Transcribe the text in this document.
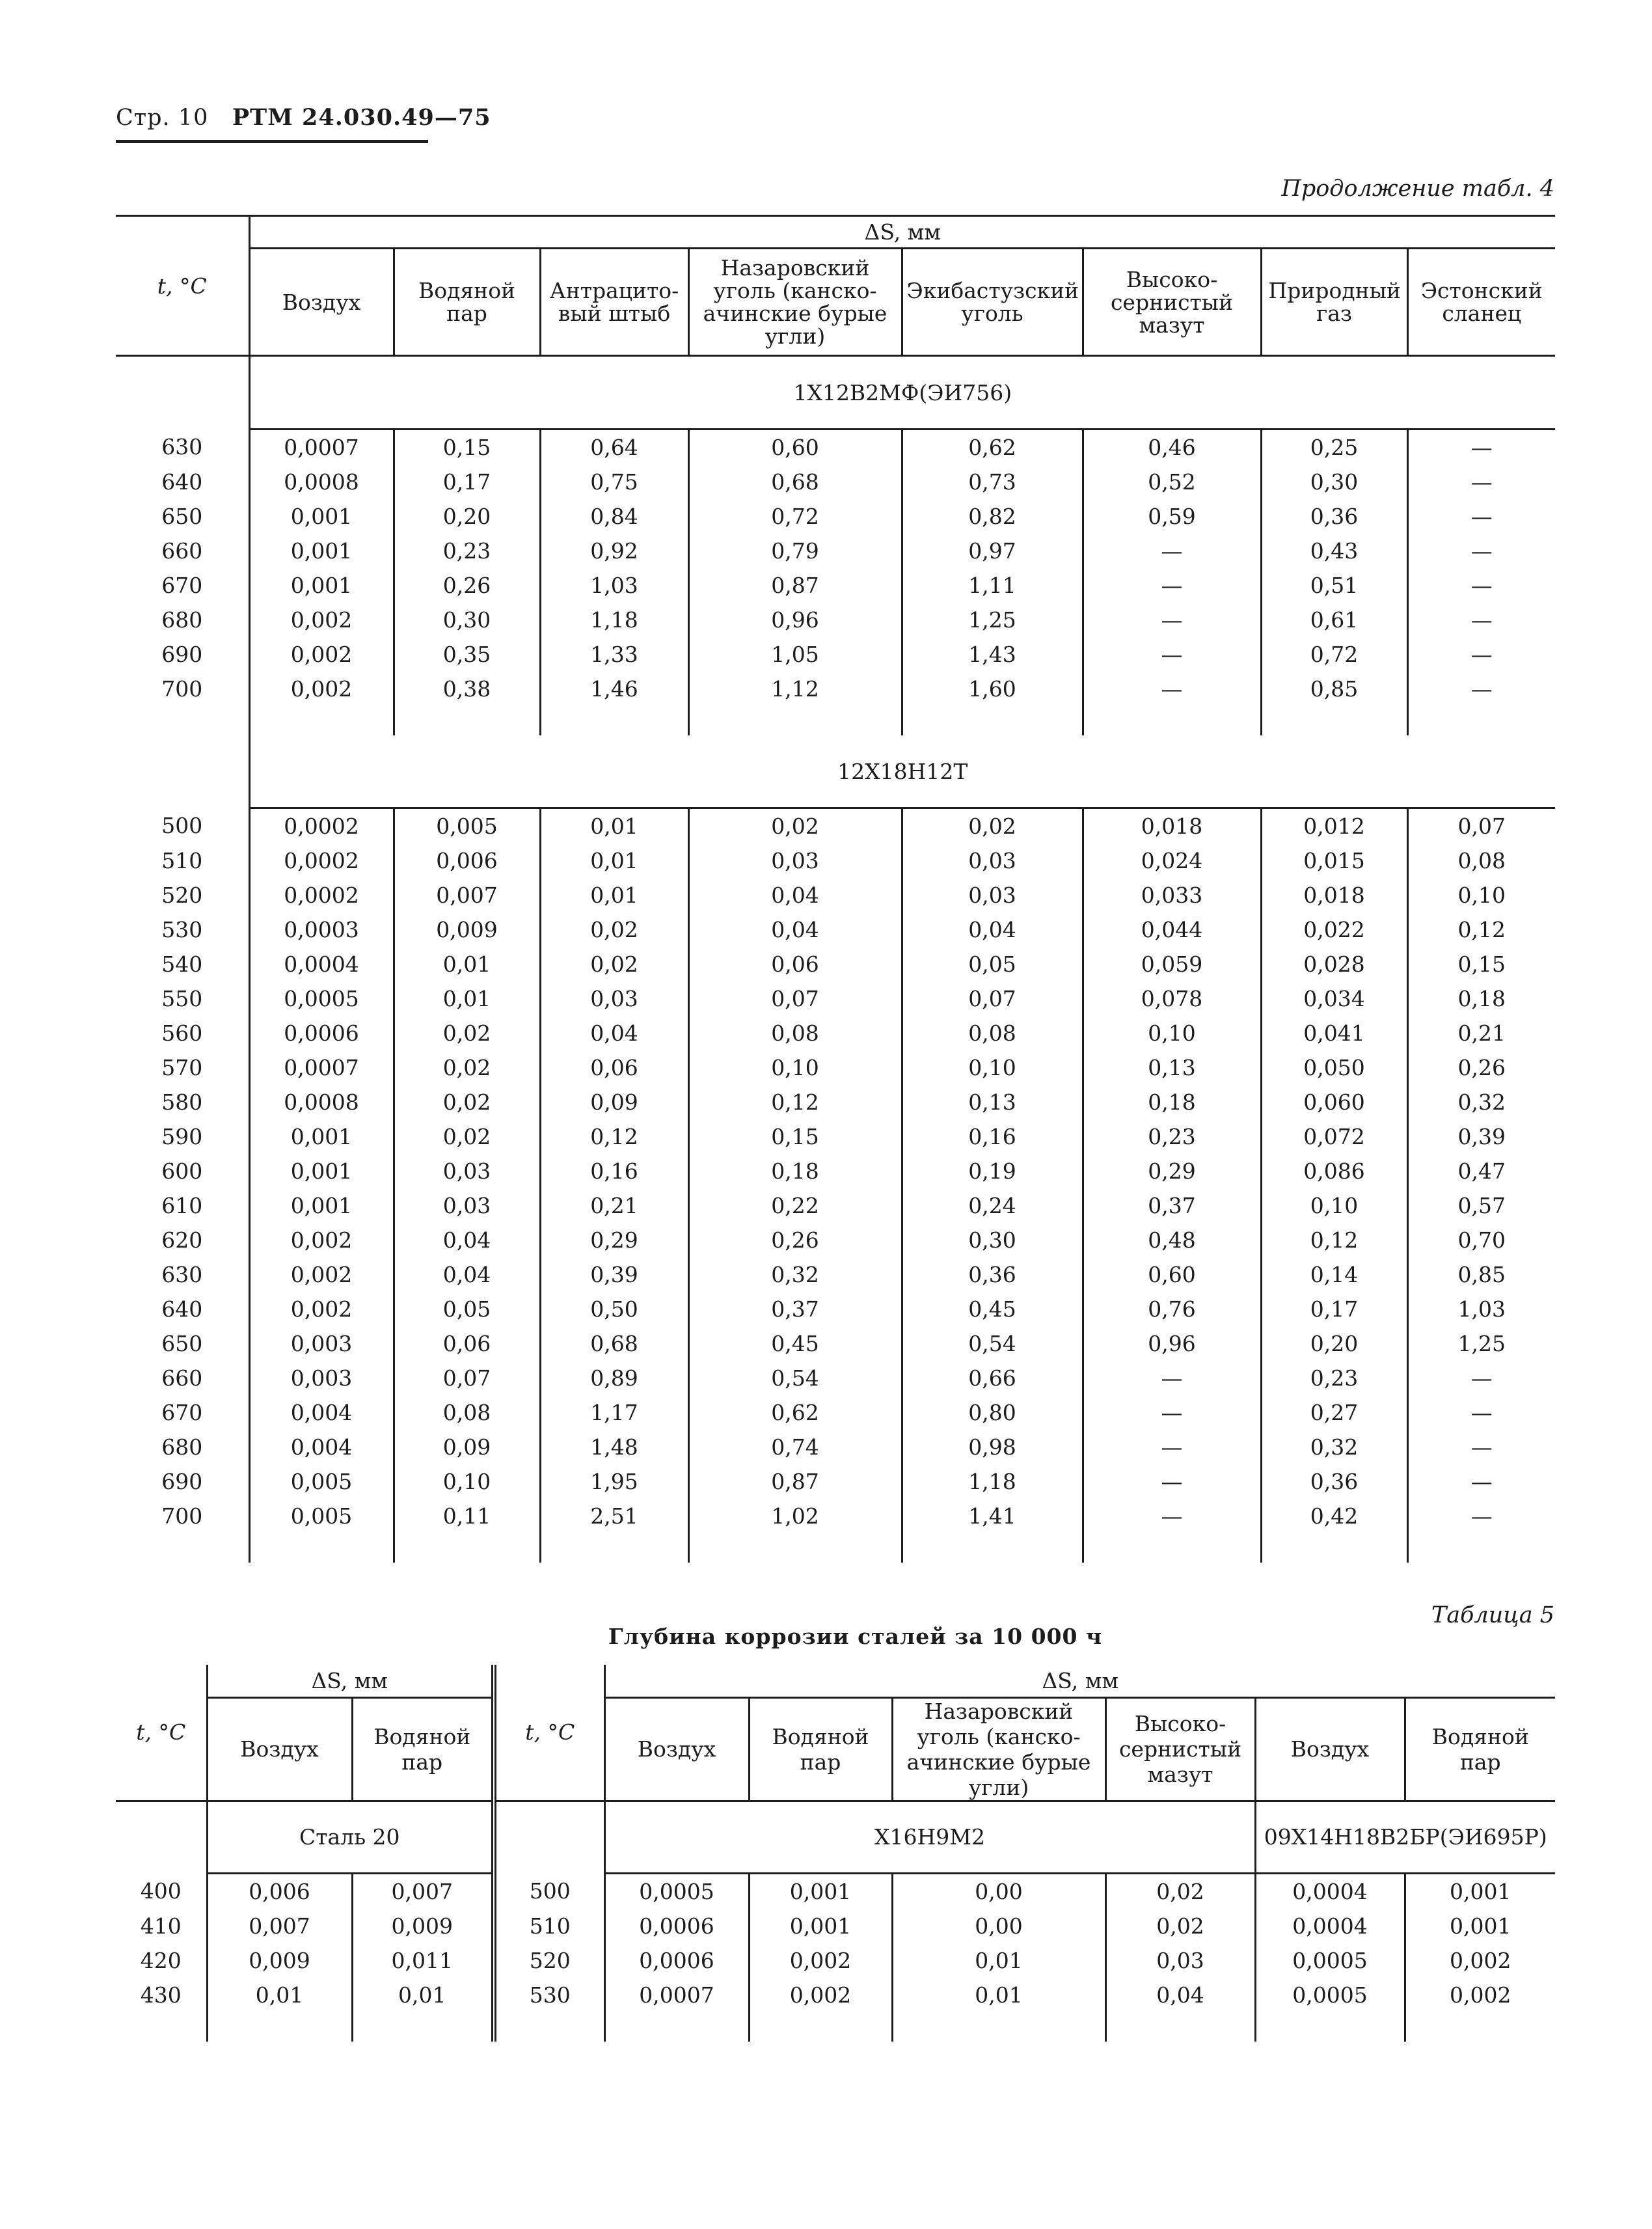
Стр. 10 РТМ 24.030.49—75
Продолжение табл. 4
t, °C	ΔS, мм							
	Воздух	Водяной пар	Антрацито-вый штыб	Назаровский уголь (канско-ачинские бурые угли)	Экибастузский уголь	Высоко-сернистый мазут	Природный газ	Эстонский сланец
	1Х12В2МФ(ЭИ756)							
630	0,0007	0,15	0,64	0,60	0,62	0,46	0,25	—
640	0,0008	0,17	0,75	0,68	0,73	0,52	0,30	—
650	0,001	0,20	0,84	0,72	0,82	0,59	0,36	—
660	0,001	0,23	0,92	0,79	0,97	—	0,43	—
670	0,001	0,26	1,03	0,87	1,11	—	0,51	—
680	0,002	0,30	1,18	0,96	1,25	—	0,61	—
690	0,002	0,35	1,33	1,05	1,43	—	0,72	—
700	0,002	0,38	1,46	1,12	1,60	—	0,85	—

	12Х18Н12Т							
500	0,0002	0,005	0,01	0,02	0,02	0,018	0,012	0,07
510	0,0002	0,006	0,01	0,03	0,03	0,024	0,015	0,08
520	0,0002	0,007	0,01	0,04	0,03	0,033	0,018	0,10
530	0,0003	0,009	0,02	0,04	0,04	0,044	0,022	0,12
540	0,0004	0,01	0,02	0,06	0,05	0,059	0,028	0,15
550	0,0005	0,01	0,03	0,07	0,07	0,078	0,034	0,18
560	0,0006	0,02	0,04	0,08	0,08	0,10	0,041	0,21
570	0,0007	0,02	0,06	0,10	0,10	0,13	0,050	0,26
580	0,0008	0,02	0,09	0,12	0,13	0,18	0,060	0,32
590	0,001	0,02	0,12	0,15	0,16	0,23	0,072	0,39
600	0,001	0,03	0,16	0,18	0,19	0,29	0,086	0,47
610	0,001	0,03	0,21	0,22	0,24	0,37	0,10	0,57
620	0,002	0,04	0,29	0,26	0,30	0,48	0,12	0,70
630	0,002	0,04	0,39	0,32	0,36	0,60	0,14	0,85
640	0,002	0,05	0,50	0,37	0,45	0,76	0,17	1,03
650	0,003	0,06	0,68	0,45	0,54	0,96	0,20	1,25
660	0,003	0,07	0,89	0,54	0,66	—	0,23	—
670	0,004	0,08	1,17	0,62	0,80	—	0,27	—
680	0,004	0,09	1,48	0,74	0,98	—	0,32	—
690	0,005	0,10	1,95	0,87	1,18	—	0,36	—
700	0,005	0,11	2,51	1,02	1,41	—	0,42	—

Таблица 5
Глубина коррозии сталей за 10 000 ч
t, °C	ΔS, мм		t, °C	ΔS, мм					
	Воздух	Водяной пар		Воздух	Водяной пар	Назаровский уголь (канско-ачинские бурые угли)	Высоко-сернистый мазут	Воздух	Водяной пар
	Сталь 20			Х16Н9М2				09Х14Н18В2БР(ЭИ695Р)	
400	0,006	0,007	500	0,0005	0,001	0,00	0,02	0,0004	0,001
410	0,007	0,009	510	0,0006	0,001	0,00	0,02	0,0004	0,001
420	0,009	0,011	520	0,0006	0,002	0,01	0,03	0,0005	0,002
430	0,01	0,01	530	0,0007	0,002	0,01	0,04	0,0005	0,002
